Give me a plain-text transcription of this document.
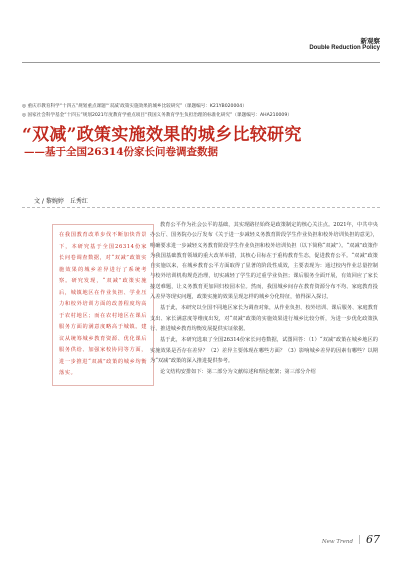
新观察
Double Reduction Policy
◎ 重庆市教育科学“十四五”规划重点课题“‘双减’政策实施效果的城乡比较研究”（课题编号：K21YB020004）
◎ 国家社会科学基金“十四五”规划2021年度教育学重点项目“我国义务教育学生负担治理的标准化研究”（课题编号：AHA210009）
“双减”政策实施效果的城乡比较研究
——基于全国26314份家长问卷调查数据
文 / 黎婉婷　丘秀红
在我国教育改革步伐不断加快背景下，本研究基于全国26314份家长问卷调查数据，对“双减”政策实施效果的城乡差异进行了系统考察。研究发现，“双减”政策实施后，城镇地区在作业负担、学业压力和校外培训方面的改善程度均高于农村地区；而在农村地区在课后服务方面的满意度略高于城镇。建议从统筹城乡教育资源、优化课后服务供给、加强家校协同等方面，进一步推进“双减”政策的城乡均衡落实。

教育公平作为社会公平的基础，其实现路径始终是政策制定的核心关注点。2021年，中共中央办公厅、国务院办公厅发布《关于进一步减轻义务教育阶段学生作业负担和校外培训负担的意见》，明确要求进一步减轻义务教育阶段学生作业负担和校外培训负担（以下简称“双减”）。“双减”政策作为我国基础教育领域的重大改革举措，其核心目标在于重构教育生态，促进教育公平。“双减”政策自实施以来，在城乡教育公平方面取得了显著的阶段性成效，主要表现为：通过校内作业总量控制与校外培训机构规范治理，切实减轻了学生的过重学业负担；课后服务全面开展，有效回应了家长接送难题，让义务教育更加回归校园本位。然而，我国城乡间存在教育资源分布不均、家庭教育投入差异等现实问题，政策实施的效果呈现怎样的城乡分化特征，值得深入探讨。

基于此，本研究以全国不同地区家长为调查对象，从作业负担、校外培训、课后服务、家庭教育支出、家长满意度等维度出发，对“双减”政策的实施效果进行城乡比较分析，为进一步优化政策执行、推进城乡教育均衡发展提供实证依据。

基于此，本研究选取了全国26314份家长问卷数据，试图回答：（1）“双减”政策在城乡地区的实施效果是否存在差异？（2）差异主要体现在哪些方面？（3）影响城乡差异的因素有哪些？以期为“双减”政策的深入推进提供参考。

论文结构安排如下：第二部分为文献综述和理论框架；第三部分介绍

New Trend 67
